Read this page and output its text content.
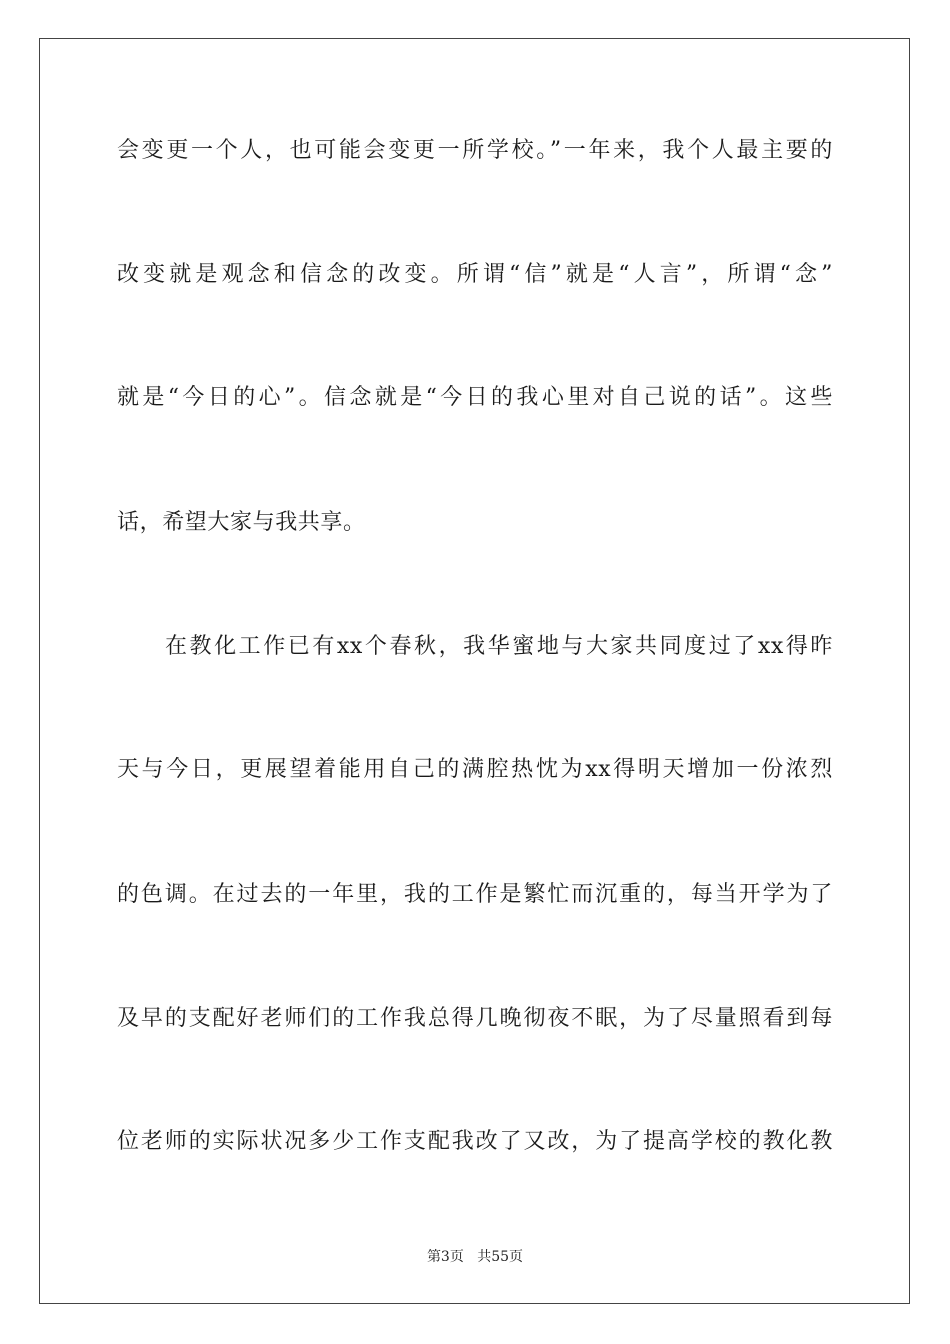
会变更一个人，也可能会变更一所学校。”一年来，我个人最主要的
改变就是观念和信念的改变。所谓“信”就是“人言”，所谓“念”
就是“今日的心”。信念就是“今日的我心里对自己说的话”。这些
话，希望大家与我共享。
在教化工作已有xx个春秋，我华蜜地与大家共同度过了xx得昨
天与今日，更展望着能用自己的满腔热忱为xx得明天增加一份浓烈
的色调。在过去的一年里，我的工作是繁忙而沉重的，每当开学为了
及早的支配好老师们的工作我总得几晚彻夜不眠，为了尽量照看到每
位老师的实际状况多少工作支配我改了又改，为了提高学校的教化教
第3页 共55页
